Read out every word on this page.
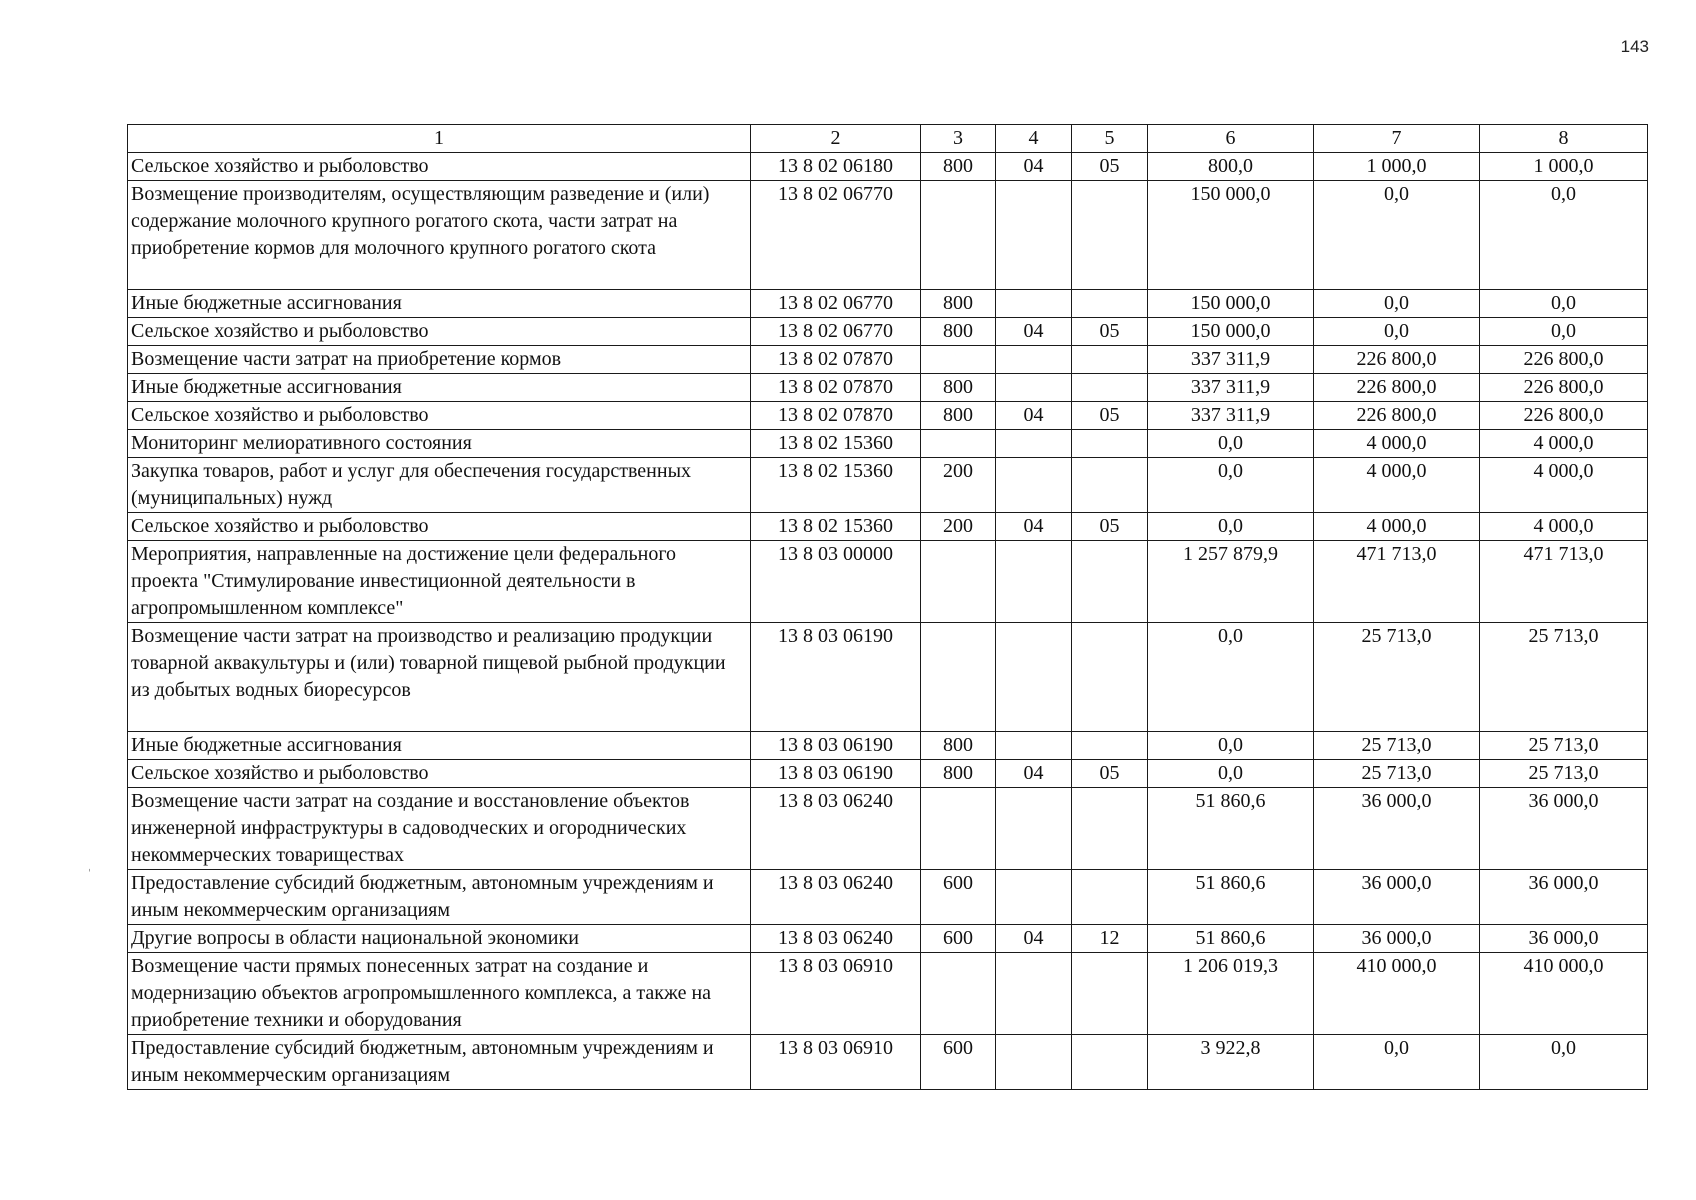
143
ˌ
1	2	3	4	5	6	7	8
Сельское хозяйство и рыболовство	13 8 02 06180	800	04	05	800,0	1 000,0	1 000,0
Возмещение производителям, осуществляющим разведение и (или) содержание молочного крупного рогатого скота, части затрат на приобретение кормов для молочного крупного рогатого скота	13 8 02 06770				150 000,0	0,0	0,0
Иные бюджетные ассигнования	13 8 02 06770	800			150 000,0	0,0	0,0
Сельское хозяйство и рыболовство	13 8 02 06770	800	04	05	150 000,0	0,0	0,0
Возмещение части затрат на приобретение кормов	13 8 02 07870				337 311,9	226 800,0	226 800,0
Иные бюджетные ассигнования	13 8 02 07870	800			337 311,9	226 800,0	226 800,0
Сельское хозяйство и рыболовство	13 8 02 07870	800	04	05	337 311,9	226 800,0	226 800,0
Мониторинг мелиоративного состояния	13 8 02 15360				0,0	4 000,0	4 000,0
Закупка товаров, работ и услуг для обеспечения государственных (муниципальных) нужд	13 8 02 15360	200			0,0	4 000,0	4 000,0
Сельское хозяйство и рыболовство	13 8 02 15360	200	04	05	0,0	4 000,0	4 000,0
Мероприятия, направленные на достижение цели федерального проекта "Стимулирование инвестиционной деятельности в агропромышленном комплексе"	13 8 03 00000				1 257 879,9	471 713,0	471 713,0
Возмещение части затрат на производство и реализацию продукции товарной аквакультуры и (или) товарной пищевой рыбной продукции из добытых водных биоресурсов	13 8 03 06190				0,0	25 713,0	25 713,0
Иные бюджетные ассигнования	13 8 03 06190	800			0,0	25 713,0	25 713,0
Сельское хозяйство и рыболовство	13 8 03 06190	800	04	05	0,0	25 713,0	25 713,0
Возмещение части затрат на создание и восстановление объектов инженерной инфраструктуры в садоводческих и огороднических некоммерческих товариществах	13 8 03 06240				51 860,6	36 000,0	36 000,0
Предоставление субсидий бюджетным, автономным учреждениям и иным некоммерческим организациям	13 8 03 06240	600			51 860,6	36 000,0	36 000,0
Другие вопросы в области национальной экономики	13 8 03 06240	600	04	12	51 860,6	36 000,0	36 000,0
Возмещение части прямых понесенных затрат на создание и модернизацию объектов агропромышленного комплекса, а также на приобретение техники и оборудования	13 8 03 06910				1 206 019,3	410 000,0	410 000,0
Предоставление субсидий бюджетным, автономным учреждениям и иным некоммерческим организациям	13 8 03 06910	600			3 922,8	0,0	0,0
